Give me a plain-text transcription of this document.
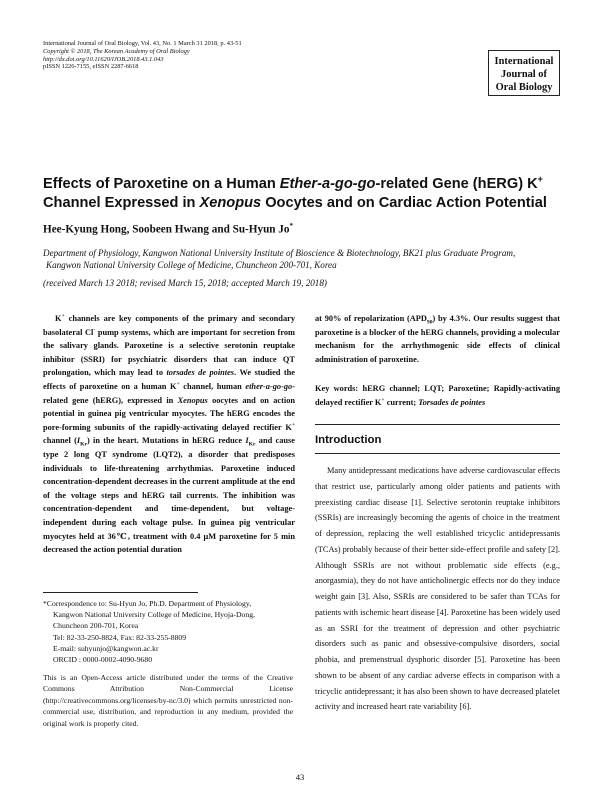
International Journal of Oral Biology, Vol. 43, No. 1 March 31 2018, p. 43-51
Copyright © 2018, The Korean Academy of Oral Biology
http://dx.doi.org/10.11620/IJOB.2018.43.1.043
pISSN 1226-7155, eISSN 2287-6618	International
Journal of
Oral Biology
Effects of Paroxetine on a Human Ether-a-go-go-related Gene (hERG) K+
Channel Expressed in Xenopus Oocytes and on Cardiac Action Potential
Hee-Kyung Hong, Soobeen Hwang and Su-Hyun Jo*
Department of Physiology, Kangwon National University Institute of Bioscience & Biotechnology, BK21 plus Graduate Program,
Kangwon National University College of Medicine, Chuncheon 200-701, Korea
(received March 13 2018; revised March 15, 2018; accepted March 19, 2018)

K+ channels are key components of the primary and secondary basolateral Cl- pump systems, which are important for secretion from the salivary glands. Paroxetine is a selective serotonin reuptake inhibitor (SSRI) for psychiatric disorders that can induce QT prolongation, which may lead to torsades de pointes. We studied the effects of paroxetine on a human K+ channel, human ether-a-go-go-related gene (hERG), expressed in Xenopus oocytes and on action potential in guinea pig ventricular myocytes. The hERG encodes the pore-forming subunits of the rapidly-activating delayed rectifier K+ channel $(I_{Kr})$ in the heart. Mutations in hERG reduce $I_{Kr}$ and cause type 2 long QT syndrome (LQT2), a disorder that predisposes individuals to life-threatening arrhythmias. Paroxetine induced concentration-dependent decreases in the current amplitude at the end of the voltage steps and hERG tail currents. The inhibition was concentration-dependent and time-dependent, but voltage-independent during each voltage pulse. In guinea pig ventricular myocytes held at 36℃, treatment with 0.4 μM paroxetine for 5 min decreased the action potential duration

at 90% of repolarization $(APD_{90})$ by 4.3%. Our results suggest that paroxetine is a blocker of the hERG channels, providing a molecular mechanism for the arrhythmogenic side effects of clinical administration of paroxetine.

Key words: hERG channel; LQT; Paroxetine; Rapidly-activating delayed rectifier K+ current; Torsades de pointes

Introduction
Many antidepressant medications have adverse cardiovascular effects that restrict use, particularly among older patients and patients with preexisting cardiac disease [1]. Selective serotonin reuptake inhibitors (SSRIs) are increasingly becoming the agents of choice in the treatment of depression, replacing the well established tricyclic antidepressants (TCAs) probably because of their better side-effect profile and safety [2]. Although SSRIs are not without problematic side effects (e.g., anorgasmia), they do not have anticholinergic effects nor do they induce weight gain [3]. Also, SSRIs are considered to be safer than TCAs for patients with ischemic heart disease [4]. Paroxetine has been widely used as an SSRI for the treatment of depression and other psychiatric disorders such as panic and obsessive-compulsive disorders, social phobia, and premenstrual dysphoric disorder [5]. Paroxetine has been shown to be absent of any cardiac adverse effects in comparison with a tricyclic antidepressant; it has also been shown to have decreased platelet activity and increased heart rate variability [6].
*Correspondence to: Su-Hyun Jo, Ph.D. Department of Physiology,
Kangwon National University College of Medicine, Hyoja-Dong,
Chuncheon 200-701, Korea
Tel: 82-33-250-8824, Fax: 82-33-255-8809
E-mail: suhyunjo@kangwon.ac.kr
ORCID : 0000-0002-4090-9680
This is an Open-Access article distributed under the terms of the Creative Commons Attribution Non-Commercial License (http://creativecommons.org/licenses/by-nc/3.0) which permits unrestricted non-commercial use, distribution, and reproduction in any medium, provided the original work is properly cited.
43
